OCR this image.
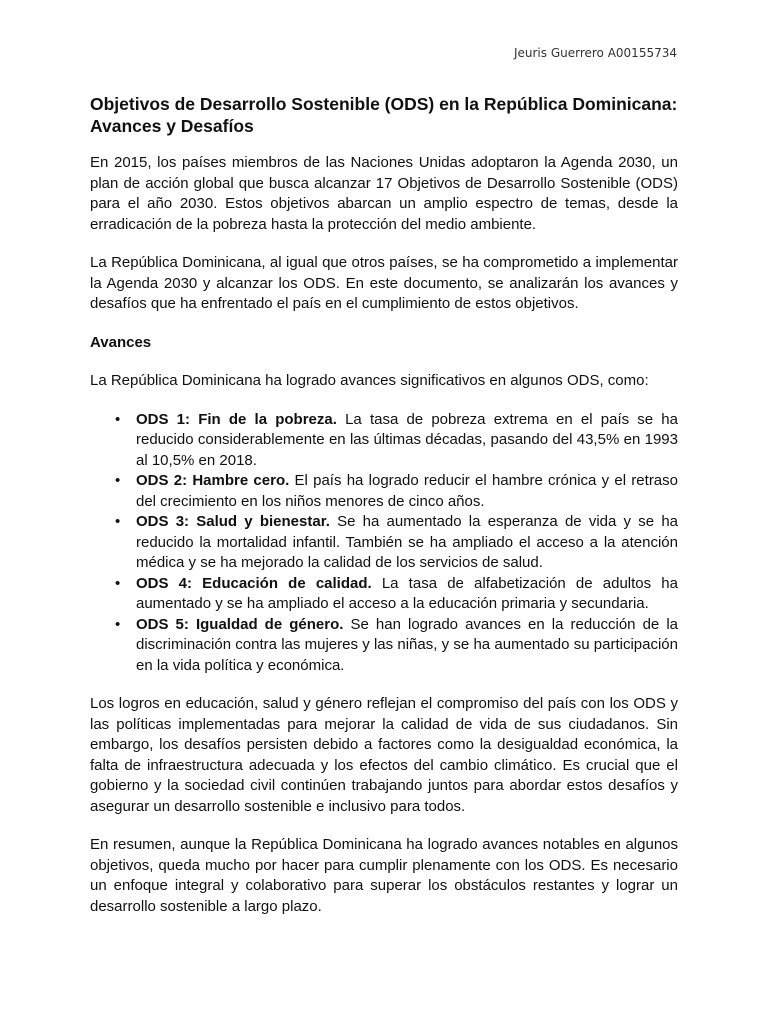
Jeuris Guerrero A00155734
Objetivos de Desarrollo Sostenible (ODS) en la República Dominicana: Avances y Desafíos

En 2015, los países miembros de las Naciones Unidas adoptaron la Agenda 2030, un plan de acción global que busca alcanzar 17 Objetivos de Desarrollo Sostenible (ODS) para el año 2030. Estos objetivos abarcan un amplio espectro de temas, desde la erradicación de la pobreza hasta la protección del medio ambiente.

La República Dominicana, al igual que otros países, se ha comprometido a implementar la Agenda 2030 y alcanzar los ODS. En este documento, se analizarán los avances y desafíos que ha enfrentado el país en el cumplimiento de estos objetivos.

Avances

La República Dominicana ha logrado avances significativos en algunos ODS, como:

• ODS 1: Fin de la pobreza. La tasa de pobreza extrema en el país se ha reducido considerablemente en las últimas décadas, pasando del 43,5% en 1993 al 10,5% en 2018.
• ODS 2: Hambre cero. El país ha logrado reducir el hambre crónica y el retraso del crecimiento en los niños menores de cinco años.
• ODS 3: Salud y bienestar. Se ha aumentado la esperanza de vida y se ha reducido la mortalidad infantil. También se ha ampliado el acceso a la atención médica y se ha mejorado la calidad de los servicios de salud.
• ODS 4: Educación de calidad. La tasa de alfabetización de adultos ha aumentado y se ha ampliado el acceso a la educación primaria y secundaria.
• ODS 5: Igualdad de género. Se han logrado avances en la reducción de la discriminación contra las mujeres y las niñas, y se ha aumentado su participación en la vida política y económica.

Los logros en educación, salud y género reflejan el compromiso del país con los ODS y las políticas implementadas para mejorar la calidad de vida de sus ciudadanos. Sin embargo, los desafíos persisten debido a factores como la desigualdad económica, la falta de infraestructura adecuada y los efectos del cambio climático. Es crucial que el gobierno y la sociedad civil continúen trabajando juntos para abordar estos desafíos y asegurar un desarrollo sostenible e inclusivo para todos.

En resumen, aunque la República Dominicana ha logrado avances notables en algunos objetivos, queda mucho por hacer para cumplir plenamente con los ODS. Es necesario un enfoque integral y colaborativo para superar los obstáculos restantes y lograr un desarrollo sostenible a largo plazo.
